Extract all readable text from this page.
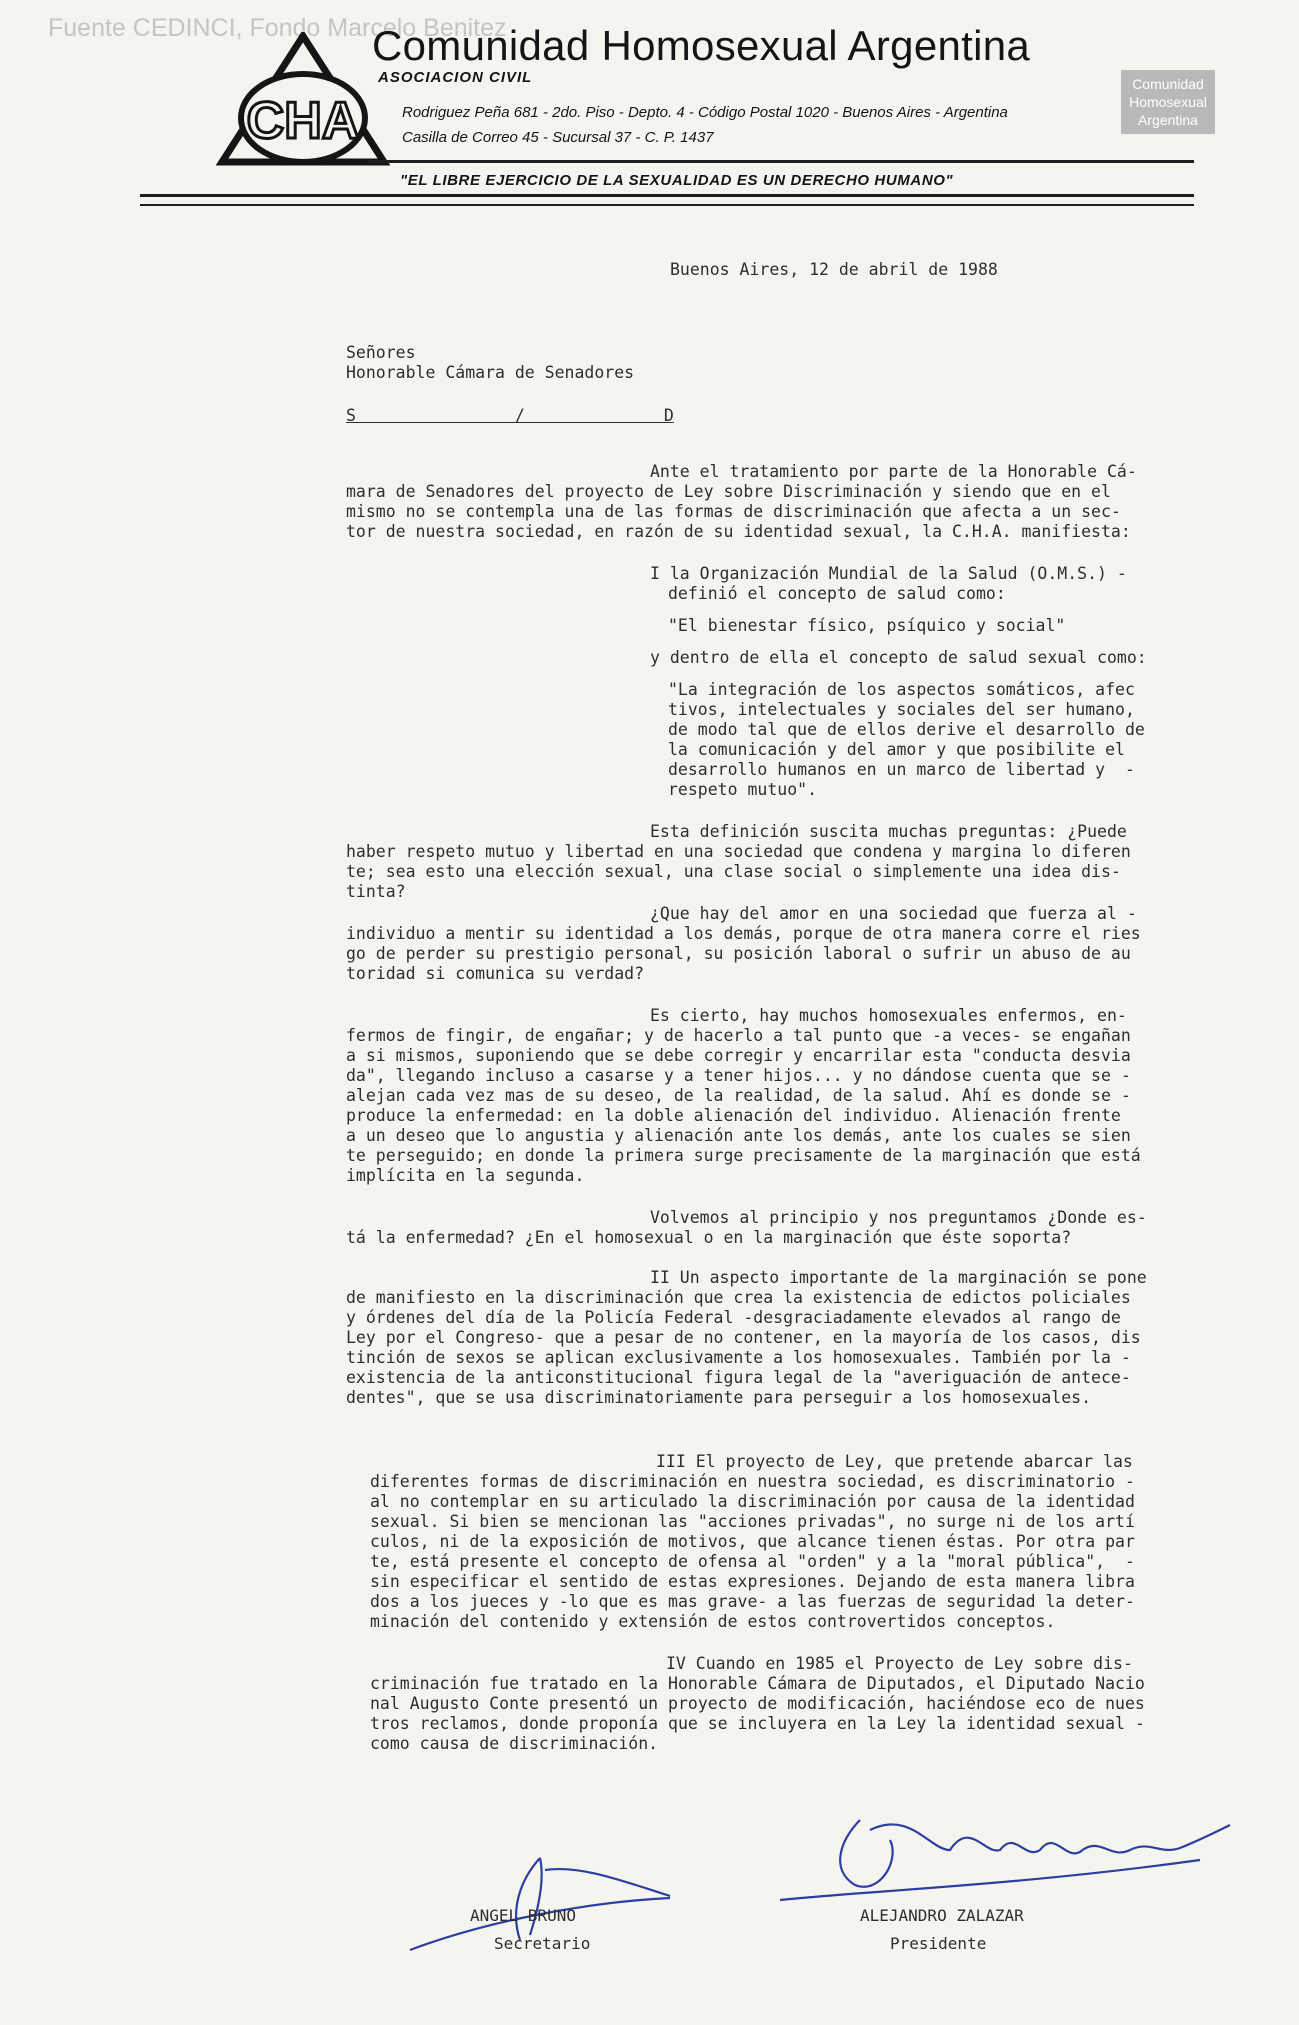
Fuente CEDINCI, Fondo Marcelo Benitez
Comunidad
Homosexual
Argentina
CHA
Comunidad Homosexual Argentina
ASOCIACION CIVIL
Rodriguez Peña 681 - 2do. Piso - Depto. 4 - Código Postal 1020 - Buenos Aires - Argentina
Casilla de Correo 45 - Sucursal 37 - C. P. 1437
"EL LIBRE EJERCICIO DE LA SEXUALIDAD ES UN DERECHO HUMANO"
Buenos Aires, 12 de abril de 1988
Señores
Honorable Cámara de Senadores
S                /              D
Ante el tratamiento por parte de la Honorable Cá-
mara de Senadores del proyecto de Ley sobre Discriminación y siendo que en el
mismo no se contempla una de las formas de discriminación que afecta a un sec-
tor de nuestra sociedad, en razón de su identidad sexual, la C.H.A. manifiesta:
I la Organización Mundial de la Salud (O.M.S.) -
definió el concepto de salud como:
"El bienestar físico, psíquico y social"
y dentro de ella el concepto de salud sexual como:
"La integración de los aspectos somáticos, afec
tivos, intelectuales y sociales del ser humano,
de modo tal que de ellos derive el desarrollo de
la comunicación y del amor y que posibilite el
desarrollo humanos en un marco de libertad y  -
respeto mutuo".
Esta definición suscita muchas preguntas: ¿Puede
haber respeto mutuo y libertad en una sociedad que condena y margina lo diferen
te; sea esto una elección sexual, una clase social o simplemente una idea dis-
tinta?
¿Que hay del amor en una sociedad que fuerza al -
individuo a mentir su identidad a los demás, porque de otra manera corre el ries
go de perder su prestigio personal, su posición laboral o sufrir un abuso de au
toridad si comunica su verdad?
Es cierto, hay muchos homosexuales enfermos, en-
fermos de fingir, de engañar; y de hacerlo a tal punto que -a veces- se engañan
a si mismos, suponiendo que se debe corregir y encarrilar esta "conducta desvia
da", llegando incluso a casarse y a tener hijos... y no dándose cuenta que se -
alejan cada vez mas de su deseo, de la realidad, de la salud. Ahí es donde se -
produce la enfermedad: en la doble alienación del individuo. Alienación frente
a un deseo que lo angustia y alienación ante los demás, ante los cuales se sien
te perseguido; en donde la primera surge precisamente de la marginación que está
implícita en la segunda.
Volvemos al principio y nos preguntamos ¿Donde es-
tá la enfermedad? ¿En el homosexual o en la marginación que éste soporta?
II Un aspecto importante de la marginación se pone
de manifiesto en la discriminación que crea la existencia de edictos policiales
y órdenes del día de la Policía Federal -desgraciadamente elevados al rango de
Ley por el Congreso- que a pesar de no contener, en la mayoría de los casos, dis
tinción de sexos se aplican exclusivamente a los homosexuales. También por la -
existencia de la anticonstitucional figura legal de la "averiguación de antece-
dentes", que se usa discriminatoriamente para perseguir a los homosexuales.
III El proyecto de Ley, que pretende abarcar las
diferentes formas de discriminación en nuestra sociedad, es discriminatorio -
al no contemplar en su articulado la discriminación por causa de la identidad
sexual. Si bien se mencionan las "acciones privadas", no surge ni de los artí
culos, ni de la exposición de motivos, que alcance tienen éstas. Por otra par
te, está presente el concepto de ofensa al "orden" y a la "moral pública",  -
sin especificar el sentido de estas expresiones. Dejando de esta manera libra
dos a los jueces y -lo que es mas grave- a las fuerzas de seguridad la deter-
minación del contenido y extensión de estos controvertidos conceptos.
IV Cuando en 1985 el Proyecto de Ley sobre dis-
criminación fue tratado en la Honorable Cámara de Diputados, el Diputado Nacio
nal Augusto Conte presentó un proyecto de modificación, haciéndose eco de nues
tros reclamos, donde proponía que se incluyera en la Ley la identidad sexual -
como causa de discriminación.
ANGEL BRUNO
Secretario
ALEJANDRO ZALAZAR
Presidente
